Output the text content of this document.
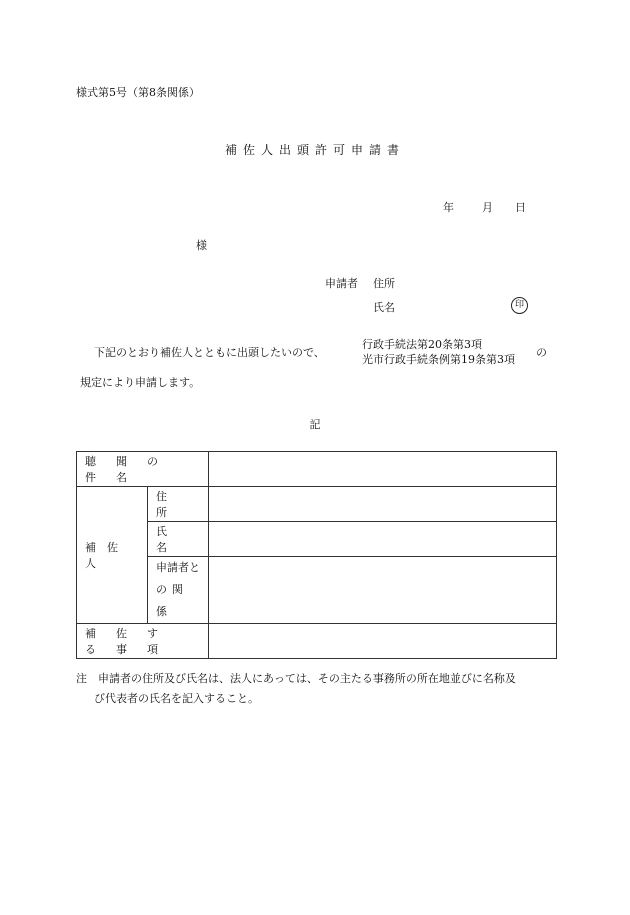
様式第5号（第8条関係）
補佐人出頭許可申請書
年	月 日
様
申請者 住所
氏名	印
下記のとおり補佐人とともに出頭したいので、
行政手続法第20条第3項
光市行政手続条例第19条第3項
の
規定により申請します。
記
聴聞の件名		
補佐人	住所	
	氏名	

	申請者と
の関係	

補佐する事項		
注　申請者の住所及び氏名は、法人にあっては、その主たる事務所の所在地並びに名称及
び代表者の氏名を記入すること。
